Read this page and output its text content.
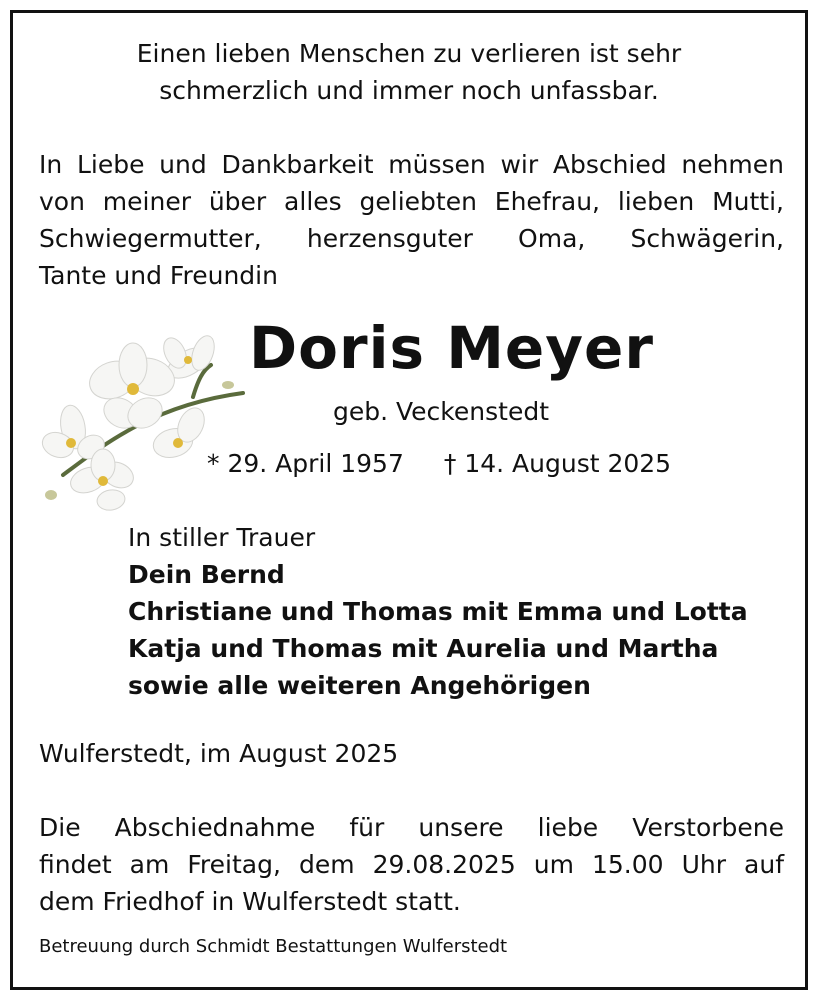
Einen lieben Menschen zu verlieren ist sehr
schmerzlich und immer noch unfassbar.
In Liebe und Dankbarkeit müssen wir Abschied nehmen
von meiner über alles geliebten Ehefrau, lieben Mutti,
Schwiegermutter, herzensguter Oma, Schwägerin,
Tante und Freundin
Doris Meyer
geb. Veckenstedt
* 29. April 1957 † 14. August 2025
In stiller Trauer
Dein Bernd
Christiane und Thomas mit Emma und Lotta
Katja und Thomas mit Aurelia und Martha
sowie alle weiteren Angehörigen
Wulferstedt, im August 2025
Die Abschiednahme für unsere liebe Verstorbene
findet am Freitag, dem 29.08.2025 um 15.00 Uhr auf
dem Friedhof in Wulferstedt statt.
Betreuung durch Schmidt Bestattungen Wulferstedt
